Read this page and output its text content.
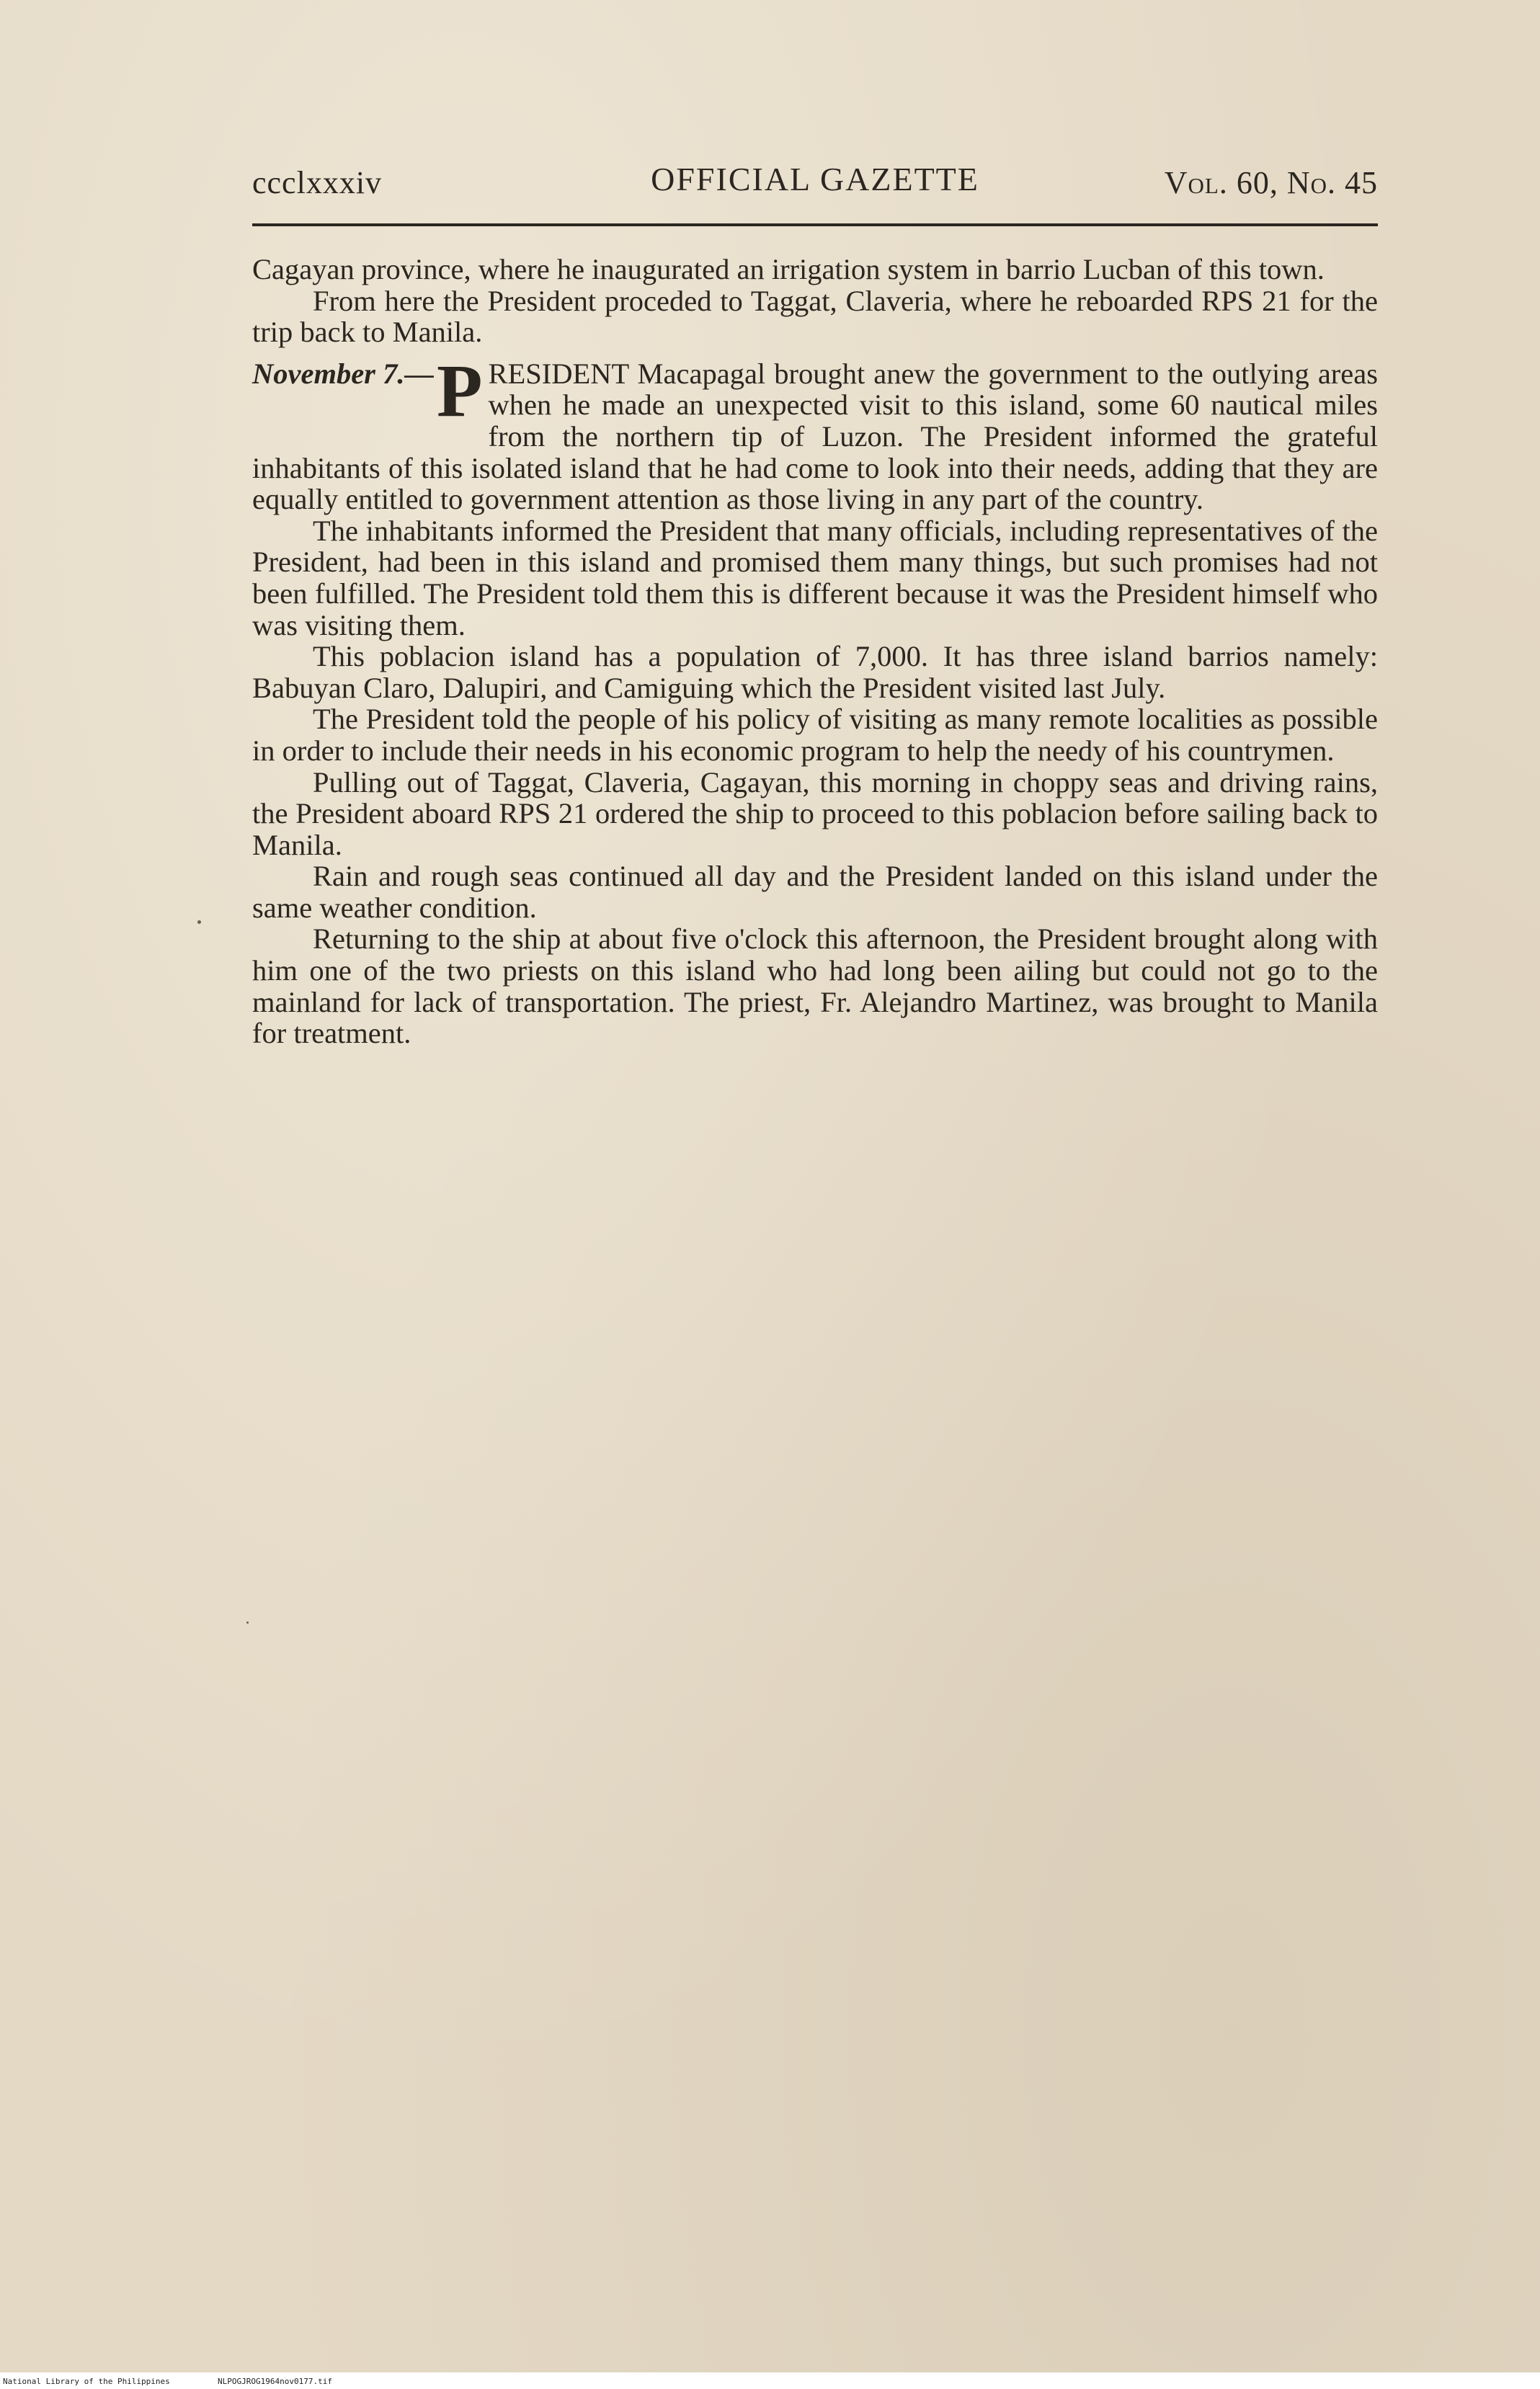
ccclxxxiv	OFFICIAL GAZETTE	Vol. 60, No. 45

Cagayan province, where he inaugurated an irrigation system in barrio Lucban of this town.

From here the President proceded to Taggat, Claveria, where he reboarded RPS 21 for the trip back to Manila.

November 7.— P RESIDENT Macapagal brought anew the government to the outlying areas when he made an unexpected visit to this island, some 60 nautical miles from the northern tip of Luzon. The President informed the grateful inhabitants of this isolated island that he had come to look into their needs, adding that they are equally entitled to government attention as those living in any part of the country.

The inhabitants informed the President that many officials, including representatives of the President, had been in this island and promised them many things, but such promises had not been fulfilled. The President told them this is different because it was the President himself who was visiting them.

This poblacion island has a population of 7,000. It has three island barrios namely: Babuyan Claro, Dalupiri, and Camiguing which the President visited last July.

The President told the people of his policy of visiting as many remote localities as possible in order to include their needs in his economic program to help the needy of his countrymen.

Pulling out of Taggat, Claveria, Cagayan, this morning in choppy seas and driving rains, the President aboard RPS 21 ordered the ship to proceed to this poblacion before sailing back to Manila.

Rain and rough seas continued all day and the President landed on this island under the same weather condition.

Returning to the ship at about five o'clock this afternoon, the President brought along with him one of the two priests on this island who had long been ailing but could not go to the mainland for lack of transportation. The priest, Fr. Alejandro Martinez, was brought to Manila for treatment.

National Library of the Philippines	NLPOGJROG1964nov0177.tif
